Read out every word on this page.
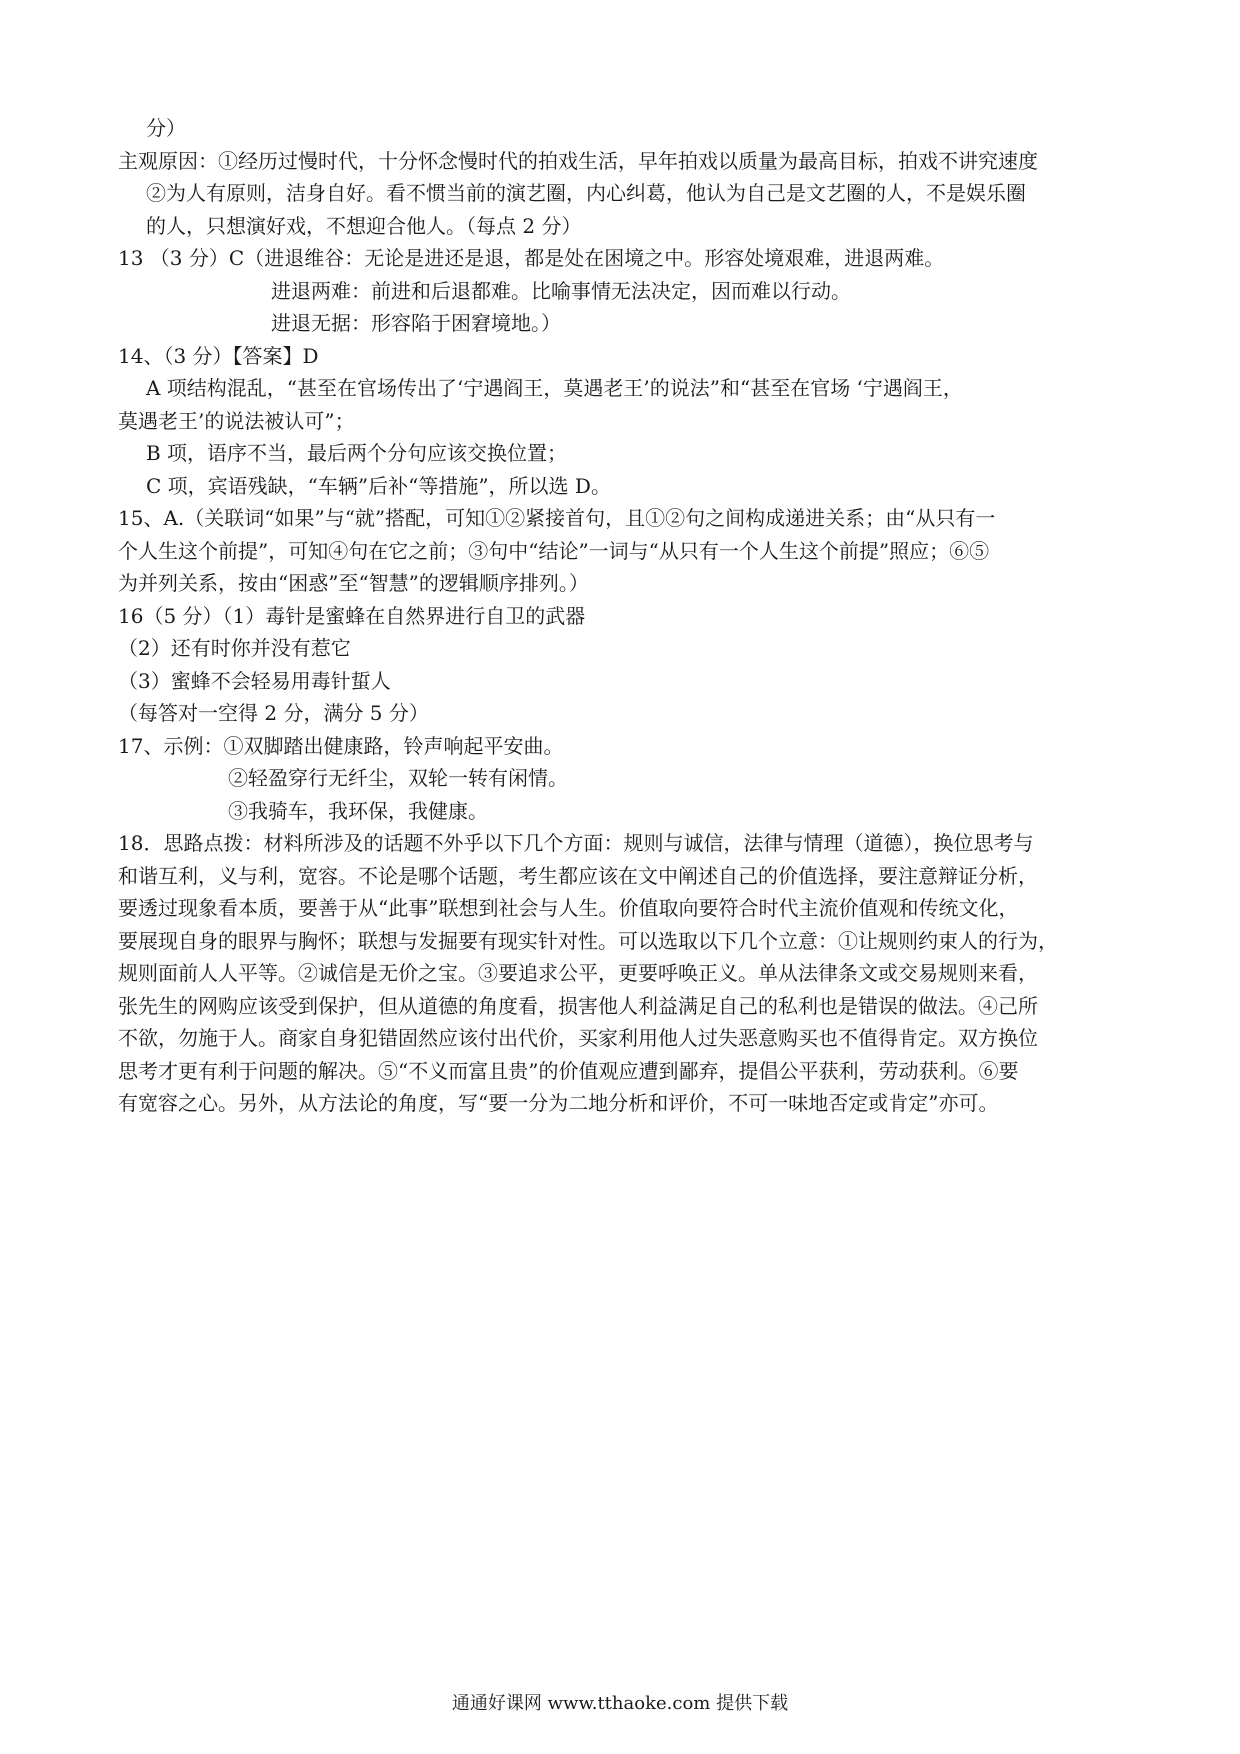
分）
主观原因：①经历过慢时代，十分怀念慢时代的拍戏生活，早年拍戏以质量为最高目标，拍戏不讲究速度
②为人有原则，洁身自好。看不惯当前的演艺圈，内心纠葛，他认为自己是文艺圈的人，不是娱乐圈
的人，只想演好戏，不想迎合他人。（每点 2 分）
13 （3 分）C（进退维谷：无论是进还是退，都是处在困境之中。形容处境艰难，进退两难。
进退两难：前进和后退都难。比喻事情无法决定，因而难以行动。
进退无据：形容陷于困窘境地。）
14、（3 分）【答案】D
A 项结构混乱，“甚至在官场传出了‘宁遇阎王，莫遇老王’的说法”和“甚至在官场 ‘宁遇阎王，
莫遇老王’的说法被认可”；
B 项，语序不当，最后两个分句应该交换位置；
C 项，宾语残缺，“车辆”后补“等措施”，所以选 D。
15、A.（关联词“如果”与“就”搭配，可知①②紧接首句，且①②句之间构成递进关系；由“从只有一
个人生这个前提”，可知④句在它之前；③句中“结论”一词与“从只有一个人生这个前提”照应；⑥⑤
为并列关系，按由“困惑”至“智慧”的逻辑顺序排列。）
16（5 分）（1）毒针是蜜蜂在自然界进行自卫的武器
（2）还有时你并没有惹它
（3）蜜蜂不会轻易用毒针蜇人
（每答对一空得 2 分，满分 5 分）
17、示例：①双脚踏出健康路，铃声响起平安曲。
②轻盈穿行无纤尘，双轮一转有闲情。
③我骑车，我环保，我健康。
18．思路点拨：材料所涉及的话题不外乎以下几个方面：规则与诚信，法律与情理（道德），换位思考与
和谐互利，义与利，宽容。不论是哪个话题，考生都应该在文中阐述自己的价值选择，要注意辩证分析，
要透过现象看本质，要善于从“此事”联想到社会与人生。价值取向要符合时代主流价值观和传统文化，
要展现自身的眼界与胸怀；联想与发掘要有现实针对性。可以选取以下几个立意：①让规则约束人的行为，
规则面前人人平等。②诚信是无价之宝。③要追求公平，更要呼唤正义。单从法律条文或交易规则来看，
张先生的网购应该受到保护，但从道德的角度看，损害他人利益满足自己的私利也是错误的做法。④己所
不欲，勿施于人。商家自身犯错固然应该付出代价，买家利用他人过失恶意购买也不值得肯定。双方换位
思考才更有利于问题的解决。⑤“不义而富且贵”的价值观应遭到鄙弃，提倡公平获利，劳动获利。⑥要
有宽容之心。另外，从方法论的角度，写“要一分为二地分析和评价，不可一味地否定或肯定”亦可。
通通好课网 www.tthaoke.com 提供下载
